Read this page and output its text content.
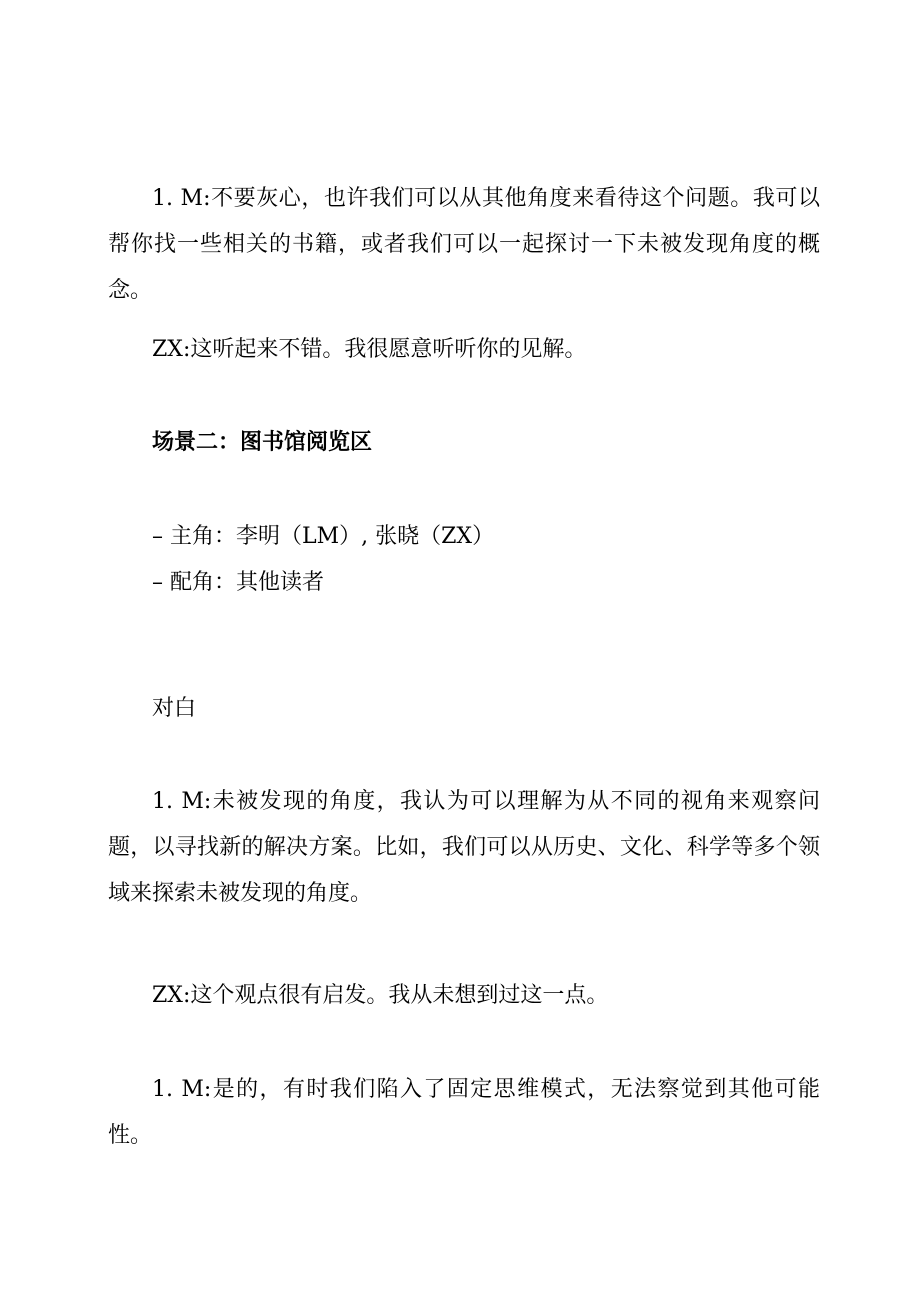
1. M:不要灰心，也许我们可以从其他角度来看待这个问题。我可以帮你找一些相关的书籍，或者我们可以一起探讨一下未被发现角度的概念。

ZX:这听起来不错。我很愿意听听你的见解。

场景二：图书馆阅览区

– 主角：李明（LM）, 张晓（ZX）
– 配角：其他读者

对白

1. M:未被发现的角度，我认为可以理解为从不同的视角来观察问题，以寻找新的解决方案。比如，我们可以从历史、文化、科学等多个领域来探索未被发现的角度。

ZX:这个观点很有启发。我从未想到过这一点。

1. M:是的，有时我们陷入了固定思维模式，无法察觉到其他可能性。
